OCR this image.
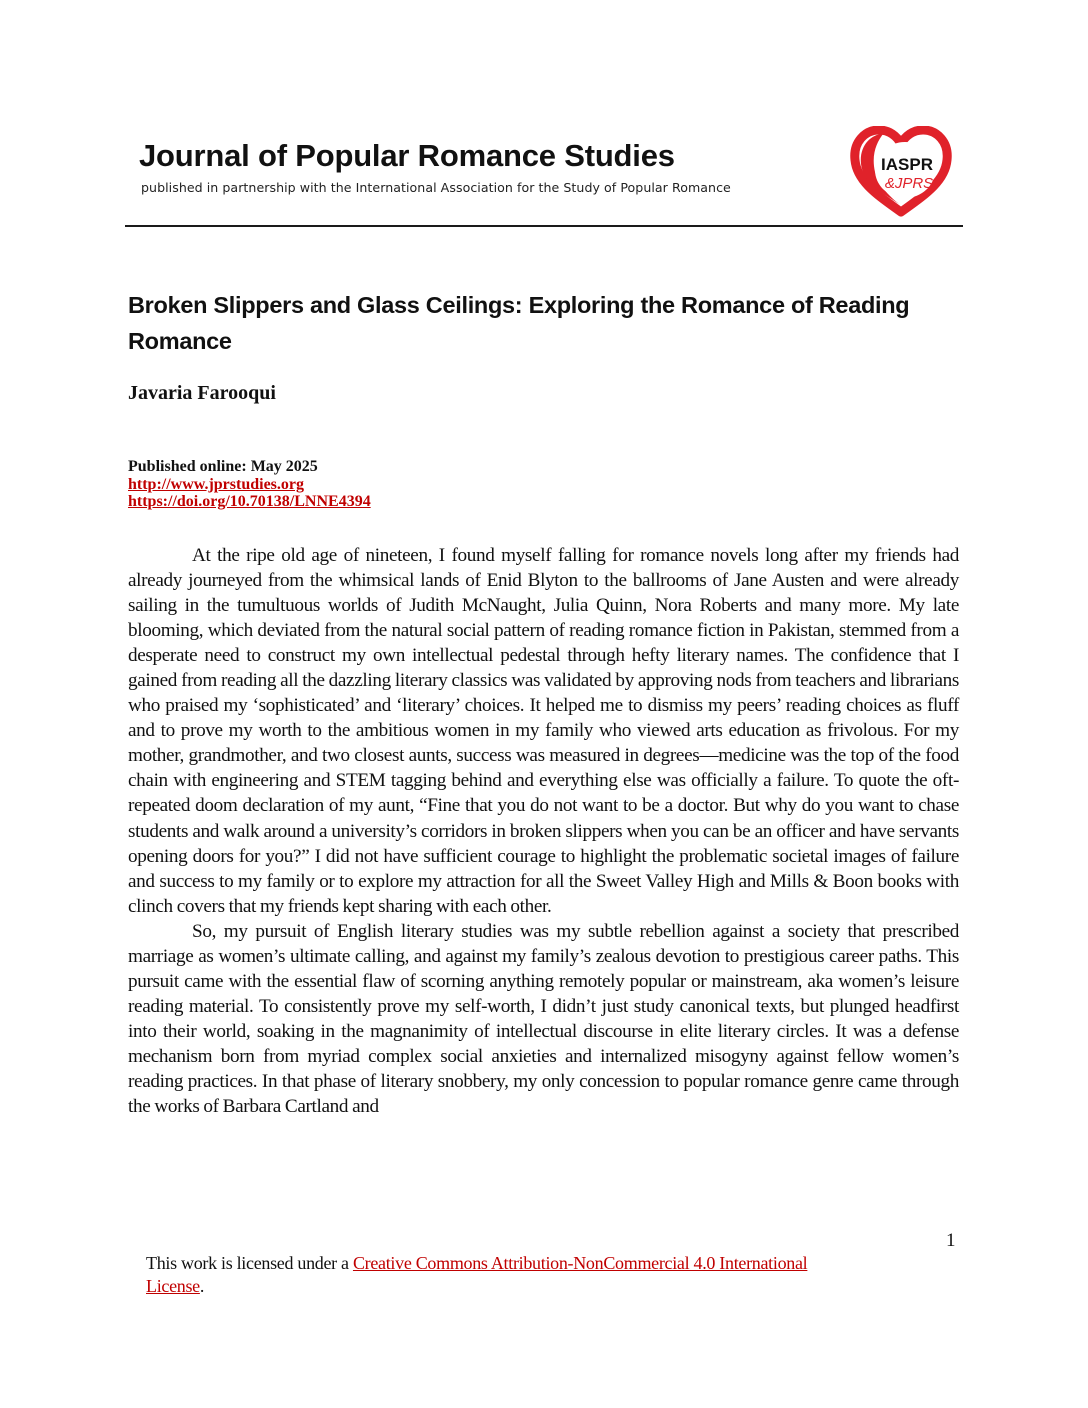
Journal of Popular Romance Studies
published in partnership with the International Association for the Study of Popular Romance
IASPR
&JPRS
Broken Slippers and Glass Ceilings: Exploring the Romance of Reading Romance
Javaria Farooqui
Published online: May 2025
http://www.jprstudies.org
https://doi.org/10.70138/LNNE4394

At the ripe old age of nineteen, I found myself falling for romance novels long after my friends had already journeyed from the whimsical lands of Enid Blyton to the ballrooms of Jane Austen and were already sailing in the tumultuous worlds of Judith McNaught, Julia Quinn, Nora Roberts and many more. My late blooming, which deviated from the natural social pattern of reading romance fiction in Pakistan, stemmed from a desperate need to construct my own intellectual pedestal through hefty literary names. The confidence that I gained from reading all the dazzling literary classics was validated by approving nods from teachers and librarians who praised my ‘sophisticated’ and ‘literary’ choices. It helped me to dismiss my peers’ reading choices as fluff and to prove my worth to the ambitious women in my family who viewed arts education as frivolous. For my mother, grandmother, and two closest aunts, success was measured in degrees—medicine was the top of the food chain with engineering and STEM tagging behind and everything else was officially a failure. To quote the oft-repeated doom declaration of my aunt, “Fine that you do not want to be a doctor. But why do you want to chase students and walk around a university’s corridors in broken slippers when you can be an officer and have servants opening doors for you?” I did not have sufficient courage to highlight the problematic societal images of failure and success to my family or to explore my attraction for all the Sweet Valley High and Mills & Boon books with clinch covers that my friends kept sharing with each other.

So, my pursuit of English literary studies was my subtle rebellion against a society that prescribed marriage as women’s ultimate calling, and against my family’s zealous devotion to prestigious career paths. This pursuit came with the essential flaw of scorning anything remotely popular or mainstream, aka women’s leisure reading material. To consistently prove my self-worth, I didn’t just study canonical texts, but plunged headfirst into their world, soaking in the magnanimity of intellectual discourse in elite literary circles. It was a defense mechanism born from myriad complex social anxieties and internalized misogyny against fellow women’s reading practices. In that phase of literary snobbery, my only concession to popular romance genre came through the works of Barbara Cartland and

1
This work is licensed under a Creative Commons Attribution-NonCommercial 4.0 International License.
